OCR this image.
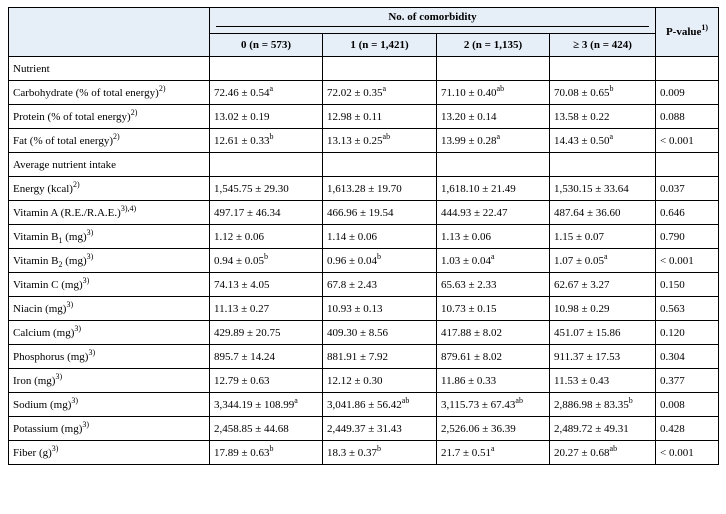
	No. of comorbidity				P-value$^{1)}$
	0 (n = 573)	1 (n = 1,421)	2 (n = 1,135)	≥ 3 (n = 424)	
Nutrient					
Carbohydrate (% of total energy)$^{2)}$	72.46 ± 0.54$^a$	72.02 ± 0.35$^a$	71.10 ± 0.40$^{ab}$	70.08 ± 0.65$^b$	0.009
Protein (% of total energy)$^{2)}$	13.02 ± 0.19	12.98 ± 0.11	13.20 ± 0.14	13.58 ± 0.22	0.088
Fat (% of total energy)$^{2)}$	12.61 ± 0.33$^b$	13.13 ± 0.25$^{ab}$	13.99 ± 0.28$^a$	14.43 ± 0.50$^a$	< 0.001
Average nutrient intake					
Energy (kcal)$^{2)}$	1,545.75 ± 29.30	1,613.28 ± 19.70	1,618.10 ± 21.49	1,530.15 ± 33.64	0.037
Vitamin A $(R.E./R.A.E.)^{3),4)}$	497.17 ± 46.34	466.96 ± 19.54	444.93 ± 22.47	487.64 ± 36.60	0.646
Vitamin $B_1$ (mg)$^{3)}$	1.12 ± 0.06	1.14 ± 0.06	1.13 ± 0.06	1.15 ± 0.07	0.790
Vitamin $B_2$ (mg)$^{3)}$	0.94 ± 0.05$^b$	0.96 ± 0.04$^b$	1.03 ± 0.04$^a$	1.07 ± 0.05$^a$	< 0.001
Vitamin C (mg)$^{3)}$	74.13 ± 4.05	67.8 ± 2.43	65.63 ± 2.33	62.67 ± 3.27	0.150
Niacin (mg)$^{3)}$	11.13 ± 0.27	10.93 ± 0.13	10.73 ± 0.15	10.98 ± 0.29	0.563
Calcium (mg)$^{3)}$	429.89 ± 20.75	409.30 ± 8.56	417.88 ± 8.02	451.07 ± 15.86	0.120
Phosphorus (mg)$^{3)}$	895.7 ± 14.24	881.91 ± 7.92	879.61 ± 8.02	911.37 ± 17.53	0.304
Iron (mg)$^{3)}$	12.79 ± 0.63	12.12 ± 0.30	11.86 ± 0.33	11.53 ± 0.43	0.377
Sodium (mg)$^{3)}$	3,344.19 ± 108.99$^a$	3,041.86 ± 56.42$^{ab}$	3,115.73 ± 67.43$^{ab}$	2,886.98 ± 83.35$^b$	0.008
Potassium (mg)$^{3)}$	2,458.85 ± 44.68	2,449.37 ± 31.43	2,526.06 ± 36.39	2,489.72 ± 49.31	0.428
Fiber $(g)^{3)}$	17.89 ± 0.63$^b$	18.3 ± 0.37$^b$	21.7 ± 0.51$^a$	20.27 ± 0.68$^{ab}$	< 0.001
